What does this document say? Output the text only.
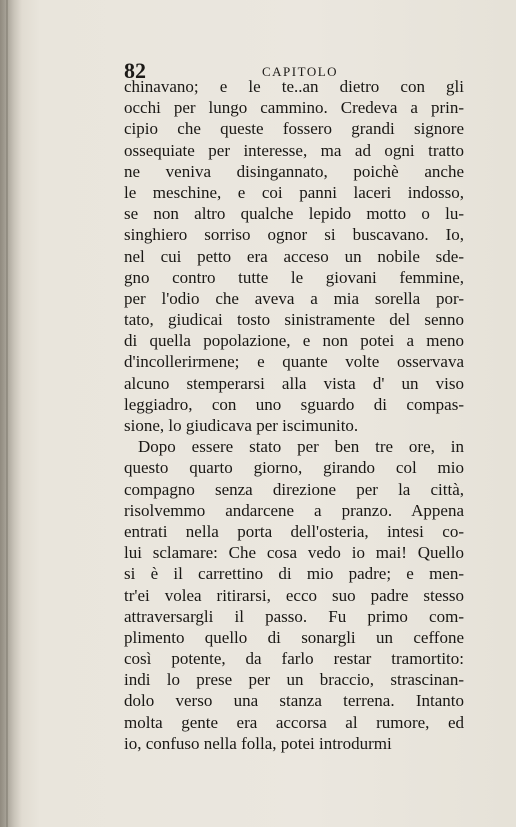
82	CAPITOLO
chinavano; e le te..an dietro con gli
occhi per lungo cammino. Credeva a prin-
cipio che queste fossero grandi signore
ossequiate per interesse, ma ad ogni tratto
ne veniva disingannato, poichè anche
le meschine, e coi panni laceri indosso,
se non altro qualche lepido motto o lu-
singhiero sorriso ognor si buscavano. Io,
nel cui petto era acceso un nobile sde-
gno contro tutte le giovani femmine,
per l'odio che aveva a mia sorella por-
tato, giudicai tosto sinistramente del senno
di quella popolazione, e non potei a meno
d'incollerirmene; e quante volte osservava
alcuno stemperarsi alla vista d' un viso
leggiadro, con uno sguardo di compas-
sione, lo giudicava per iscimunito.
Dopo essere stato per ben tre ore, in
questo quarto giorno, girando col mio
compagno senza direzione per la città,
risolvemmo andarcene a pranzo. Appena
entrati nella porta dell'osteria, intesi co-
lui sclamare: Che cosa vedo io mai! Quello
si è il carrettino di mio padre; e men-
tr'ei volea ritirarsi, ecco suo padre stesso
attraversargli il passo. Fu primo com-
plimento quello di sonargli un ceffone
così potente, da farlo restar tramortito:
indi lo prese per un braccio, strascinan-
dolo verso una stanza terrena. Intanto
molta gente era accorsa al rumore, ed
io, confuso nella folla, potei introdurmi
